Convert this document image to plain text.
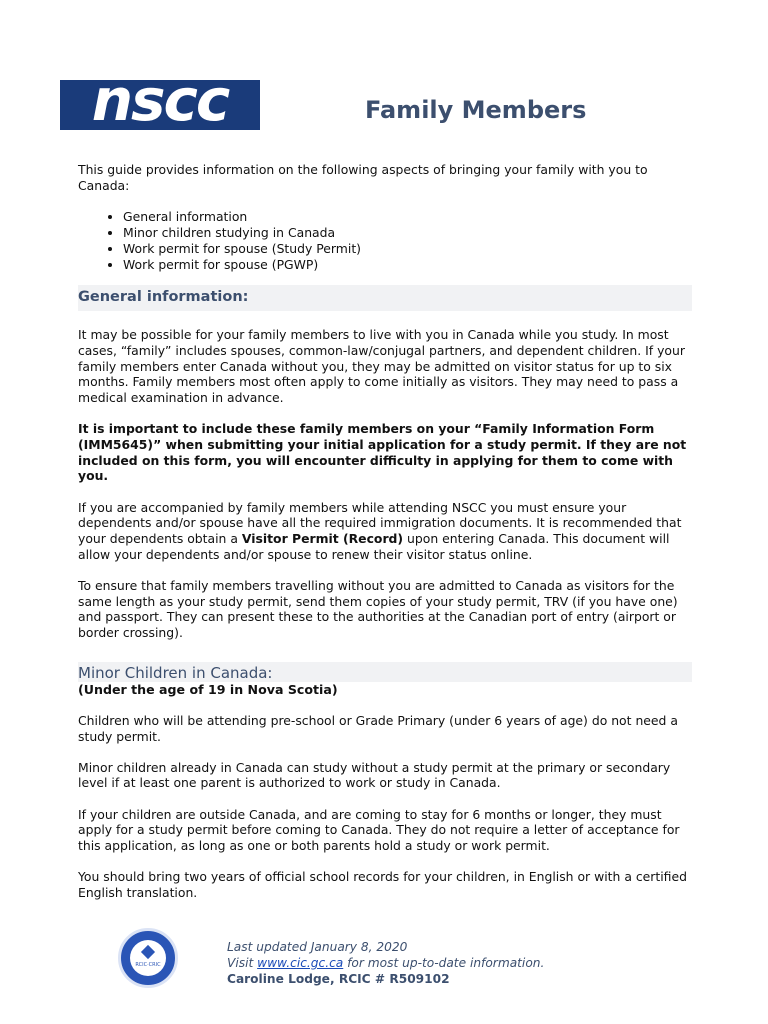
nscc	Family Members

This guide provides information on the following aspects of bringing your family with you to Canada:

• General information
• Minor children studying in Canada
• Work permit for spouse (Study Permit)
• Work permit for spouse (PGWP)
General information:

It may be possible for your family members to live with you in Canada while you study. In most cases, “family” includes spouses, common-law/conjugal partners, and dependent children. If your family members enter Canada without you, they may be admitted on visitor status for up to six months. Family members most often apply to come initially as visitors. They may need to pass a medical examination in advance.

It is important to include these family members on your “Family Information Form (IMM5645)” when submitting your initial application for a study permit. If they are not included on this form, you will encounter difficulty in applying for them to come with you.

If you are accompanied by family members while attending NSCC you must ensure your dependents and/or spouse have all the required immigration documents. It is recommended that your dependents obtain a Visitor Permit (Record) upon entering Canada. This document will allow your dependents and/or spouse to renew their visitor status online.

To ensure that family members travelling without you are admitted to Canada as visitors for the same length as your study permit, send them copies of your study permit, TRV (if you have one) and passport. They can present these to the authorities at the Canadian port of entry (airport or border crossing).

Minor Children in Canada:
(Under the age of 19 in Nova Scotia)

Children who will be attending pre-school or Grade Primary (under 6 years of age) do not need a study permit.

Minor children already in Canada can study without a study permit at the primary or secondary level if at least one parent is authorized to work or study in Canada.

If your children are outside Canada, and are coming to stay for 6 months or longer, they must apply for a study permit before coming to Canada. They do not require a letter of acceptance for this application, as long as one or both parents hold a study or work permit.

You should bring two years of official school records for your children, in English or with a certified English translation.

RCIC·CRIC
Last updated January 8, 2020
Visit www.cic.gc.ca for most up-to-date information.
Caroline Lodge, RCIC # R509102
